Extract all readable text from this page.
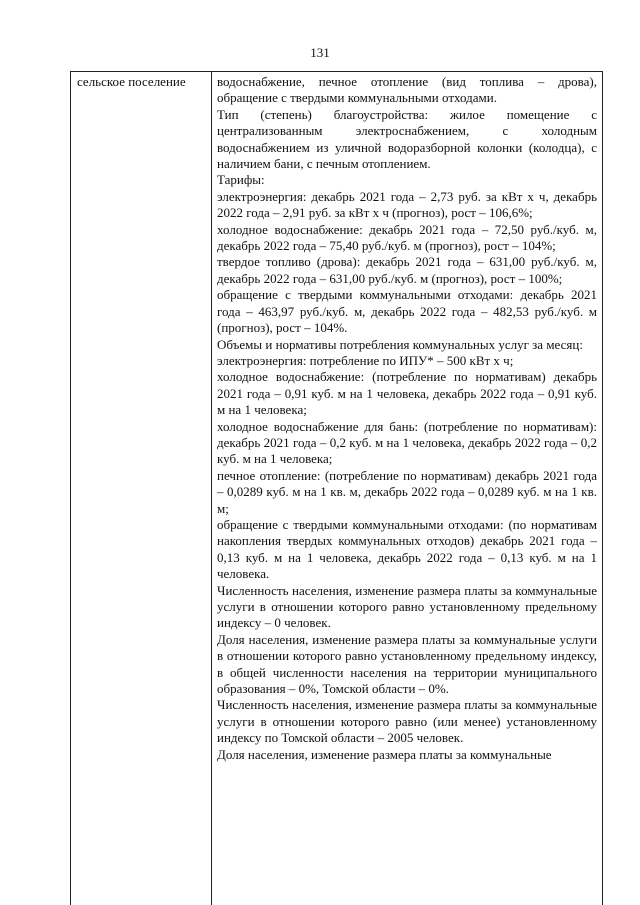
131
сельское поселение	водоснабжение, печное отопление (вид топлива – дрова), обращение с твердыми коммунальными отходами.

Тип (степень) благоустройства: жилое помещение с централизованным электроснабжением, с холодным водоснабжением из уличной водоразборной колонки (колодца), с наличием бани, с печным отоплением.

Тарифы:

электроэнергия: декабрь 2021 года – 2,73 руб. за кВт х ч, декабрь 2022 года – 2,91 руб. за кВт х ч (прогноз), рост – 106,6%;

холодное водоснабжение: декабрь 2021 года – 72,50 руб./куб. м, декабрь 2022 года – 75,40 руб./куб. м (прогноз), рост – 104%;

твердое топливо (дрова): декабрь 2021 года – 631,00 руб./куб. м, декабрь 2022 года – 631,00 руб./куб. м (прогноз), рост – 100%;

обращение с твердыми коммунальными отходами: декабрь 2021 года – 463,97 руб./куб. м, декабрь 2022 года – 482,53 руб./куб. м (прогноз), рост – 104%.

Объемы и нормативы потребления коммунальных услуг за месяц:

электроэнергия: потребление по ИПУ* – 500 кВт х ч;

холодное водоснабжение: (потребление по нормативам) декабрь 2021 года – 0,91 куб. м на 1 человека, декабрь 2022 года – 0,91 куб. м на 1 человека;

холодное водоснабжение для бань: (потребление по нормативам): декабрь 2021 года – 0,2 куб. м на 1 человека, декабрь 2022 года – 0,2 куб. м на 1 человека;

печное отопление: (потребление по нормативам) декабрь 2021 года – 0,0289 куб. м на 1 кв. м, декабрь 2022 года – 0,0289 куб. м на 1 кв. м;

обращение с твердыми коммунальными отходами: (по нормативам накопления твердых коммунальных отходов) декабрь 2021 года – 0,13 куб. м на 1 человека, декабрь 2022 года – 0,13 куб. м на 1 человека.

Численность населения, изменение размера платы за коммунальные услуги в отношении которого равно установленному предельному индексу – 0 человек.

Доля населения, изменение размера платы за коммунальные услуги в отношении которого равно установленному предельному индексу, в общей численности населения на территории муниципального образования – 0%, Томской области – 0%.

Численность населения, изменение размера платы за коммунальные услуги в отношении которого равно (или менее) установленному индексу по Томской области – 2005 человек.

Доля населения, изменение размера платы за коммунальные
